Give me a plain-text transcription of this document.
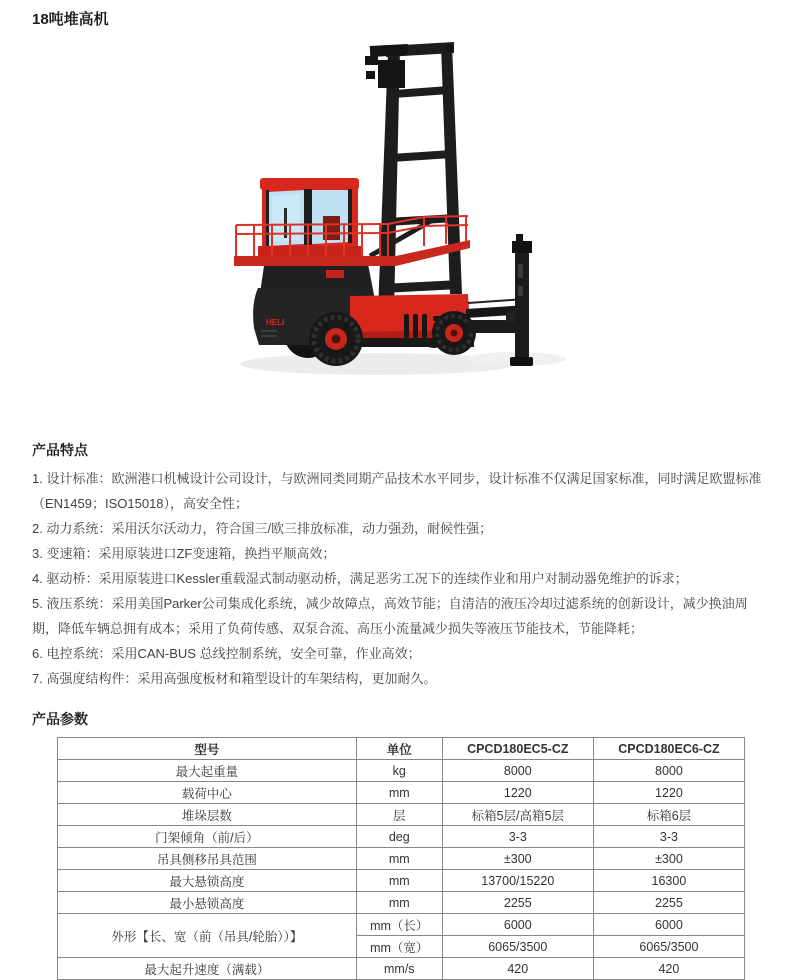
18吨堆高机
HELI
产品特点

1. 设计标准：欧洲港口机械设计公司设计，与欧洲同类同期产品技术水平同步，设计标准不仅满足国家标准，同时满足欧盟标准（EN1459；ISO15018），高安全性；

2. 动力系统：采用沃尔沃动力，符合国三/欧三排放标准，动力强劲，耐候性强；

3. 变速箱：采用原装进口ZF变速箱，换挡平顺高效；

4. 驱动桥：采用原装进口Kessler重载湿式制动驱动桥，满足恶劣工况下的连续作业和用户对制动器免维护的诉求；

5. 液压系统：采用美国Parker公司集成化系统，减少故障点，高效节能；自清洁的液压冷却过滤系统的创新设计，减少换油周期，降低车辆总拥有成本；采用了负荷传感、双泵合流、高压小流量减少损失等液压节能技术，节能降耗；

6. 电控系统：采用CAN-BUS 总线控制系统，安全可靠，作业高效；

7. 高强度结构件：采用高强度板材和箱型设计的车架结构，更加耐久。

产品参数
型号	单位	CPCD180EC5-CZ	CPCD180EC6-CZ
最大起重量	kg	8000	8000
载荷中心	mm	1220	1220
堆垛层数	层	标箱5层/高箱5层	标箱6层
门架倾角（前/后）	deg	3-3	3-3
吊具侧移吊具范围	mm	±300	±300
最大悬锁高度	mm	13700/15220	16300
最小悬锁高度	mm	2255	2255
外形【长、宽（前（吊具/轮胎））】	mm（长）	6000	6000
	mm（宽）	6065/3500	6065/3500
最大起升速度（满载）	mm/s	420	420
